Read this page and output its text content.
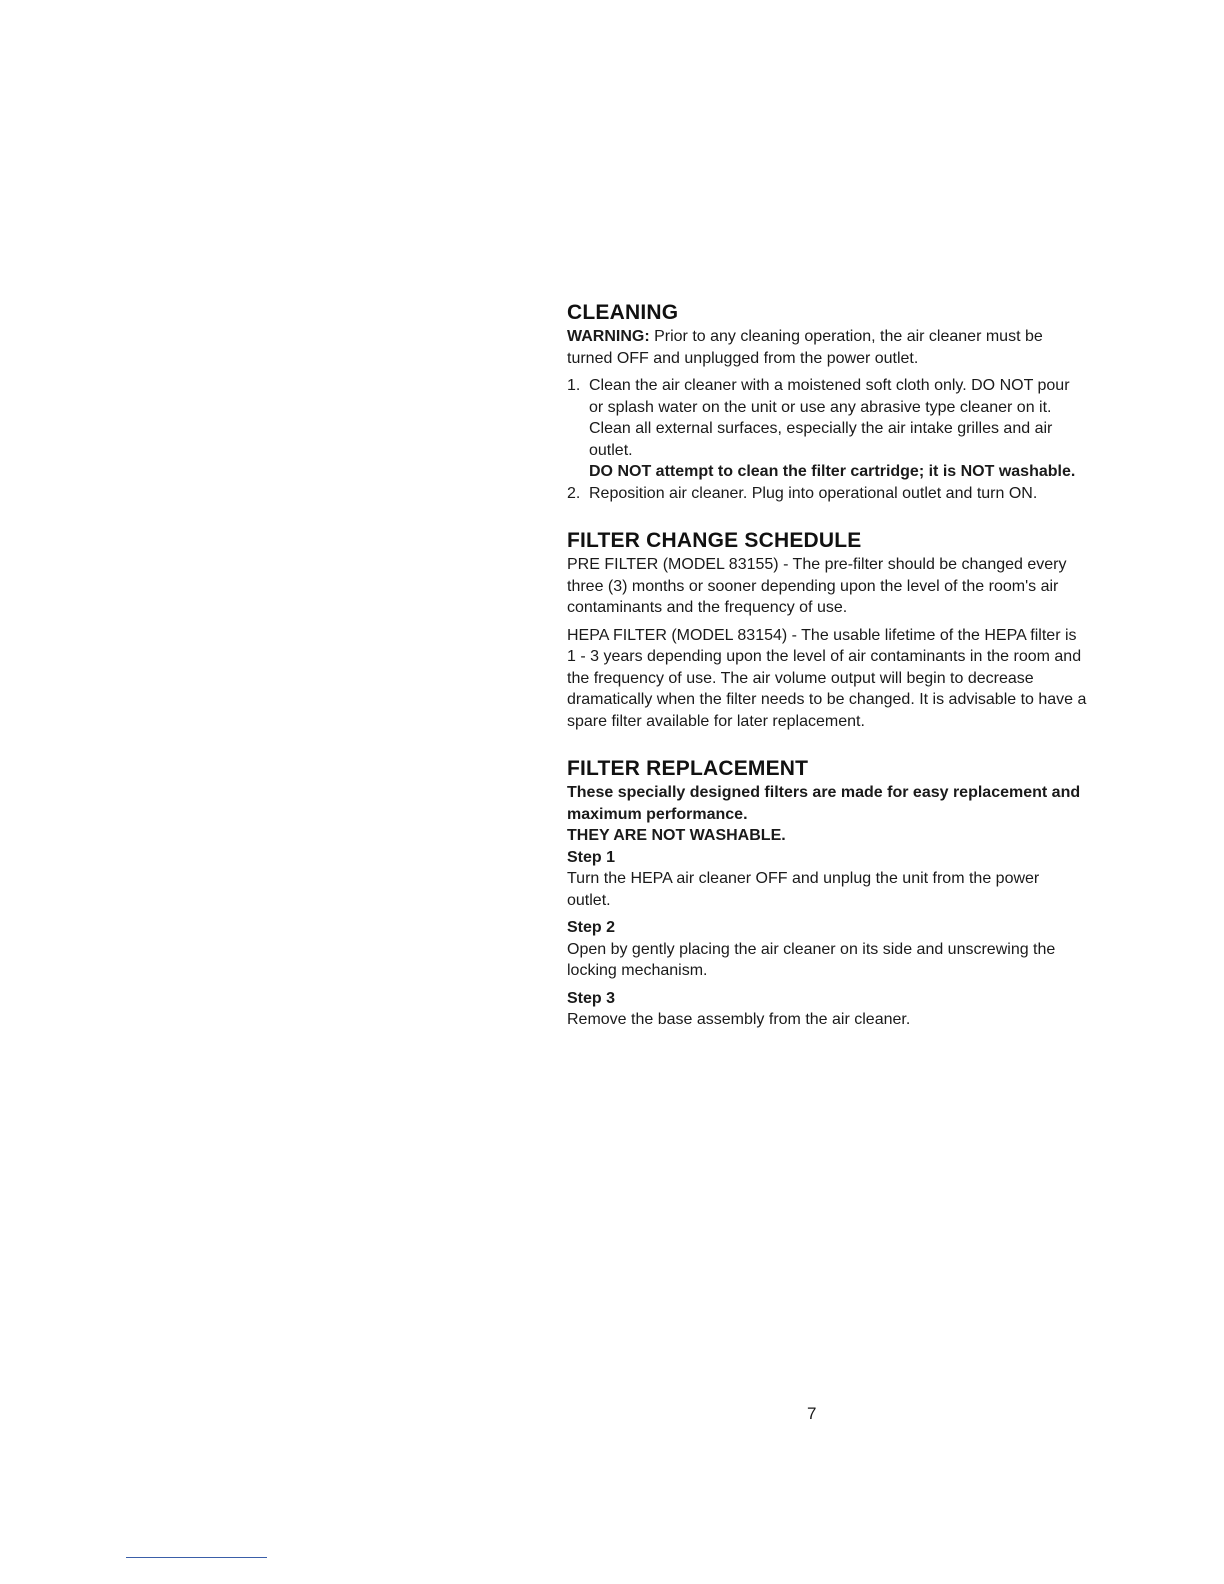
CLEANING

WARNING: Prior to any cleaning operation, the air cleaner must be turned OFF and unplugged from the power outlet.

1. Clean the air cleaner with a moistened soft cloth only. DO NOT pour or splash water on the unit or use any abrasive type cleaner on it. Clean all external surfaces, especially the air intake grilles and air outlet.
DO NOT attempt to clean the filter cartridge; it is NOT washable.
2. Reposition air cleaner. Plug into operational outlet and turn ON.
FILTER CHANGE SCHEDULE

PRE FILTER (MODEL 83155) - The pre-filter should be changed every three (3) months or sooner depending upon the level of the room's air contaminants and the frequency of use.

HEPA FILTER (MODEL 83154) - The usable lifetime of the HEPA filter is 1 - 3 years depending upon the level of air contaminants in the room and the frequency of use. The air volume output will begin to decrease dramatically when the filter needs to be changed. It is advisable to have a spare filter available for later replacement.

FILTER REPLACEMENT

These specially designed filters are made for easy replacement and maximum performance.

THEY ARE NOT WASHABLE.

Step 1

Turn the HEPA air cleaner OFF and unplug the unit from the power outlet.

Step 2

Open by gently placing the air cleaner on its side and unscrewing the locking mechanism.

Step 3

Remove the base assembly from the air cleaner.

7
